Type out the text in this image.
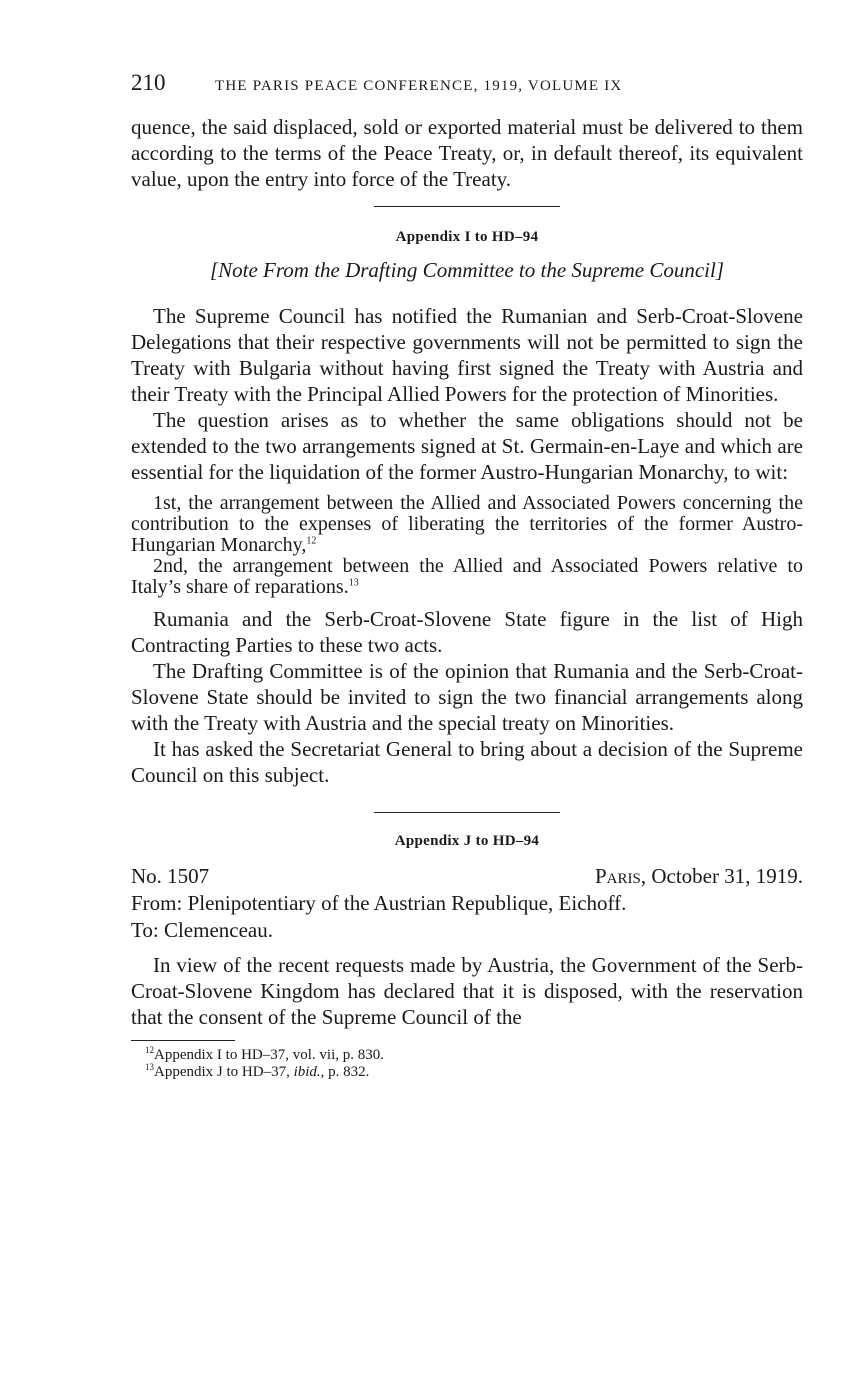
210	THE PARIS PEACE CONFERENCE, 1919, VOLUME IX

quence, the said displaced, sold or exported material must be delivered to them according to the terms of the Peace Treaty, or, in default thereof, its equivalent value, upon the entry into force of the Treaty.

Appendix I to HD–94
[Note From the Drafting Committee to the Supreme Council]

The Supreme Council has notified the Rumanian and Serb-Croat-Slovene Delegations that their respective governments will not be permitted to sign the Treaty with Bulgaria without having first signed the Treaty with Austria and their Treaty with the Principal Allied Powers for the protection of Minorities.

The question arises as to whether the same obligations should not be extended to the two arrangements signed at St. Germain-en-Laye and which are essential for the liquidation of the former Austro-Hungarian Monarchy, to wit:

1st, the arrangement between the Allied and Associated Powers concerning the contribution to the expenses of liberating the territories of the former Austro-Hungarian Monarchy,$^{12}$

2nd, the arrangement between the Allied and Associated Powers relative to Italy’s share of reparations.$^{13}$

Rumania and the Serb-Croat-Slovene State figure in the list of High Contracting Parties to these two acts.

The Drafting Committee is of the opinion that Rumania and the Serb-Croat-Slovene State should be invited to sign the two financial arrangements along with the Treaty with Austria and the special treaty on Minorities.

It has asked the Secretariat General to bring about a decision of the Supreme Council on this subject.

Appendix J to HD–94
No. 1507	Paris, October 31, 1919.
From: Plenipotentiary of the Austrian Republique, Eichoff.
To: Clemenceau.

In view of the recent requests made by Austria, the Government of the Serb-Croat-Slovene Kingdom has declared that it is disposed, with the reservation that the consent of the Supreme Council of the

$^{12}$Appendix I to HD–37, vol. vii, p. 830.
$^{13}$Appendix J to HD–37, ibid., p. 832.
